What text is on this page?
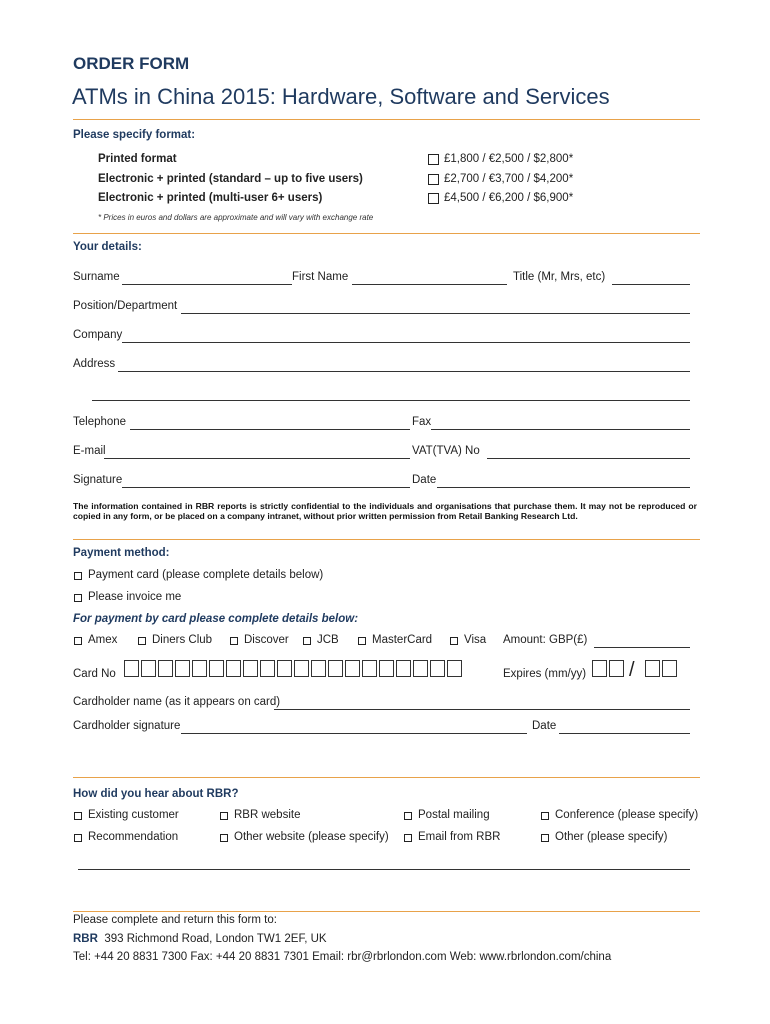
ORDER FORM
ATMs in China 2015: Hardware, Software and Services
Please specify format:
Printed format	£1,800 / €2,500 / $2,800*
Electronic + printed (standard – up to five users)	£2,700 / €3,700 / $4,200*
Electronic + printed (multi-user 6+ users)	£4,500 / €6,200 / $6,900*
* Prices in euros and dollars are approximate and will vary with exchange rate
Your details:
Surname	First Name	Title (Mr, Mrs, etc)
Position/Department
Company
Address
Telephone	Fax
E-mail	VAT(TVA) No
Signature	Date
The information contained in RBR reports is strictly confidential to the individuals and organisations that purchase them. It may not be reproduced or copied in any form, or be placed on a company intranet, without prior written permission from Retail Banking Research Ltd.
Payment method:
Payment card (please complete details below)
Please invoice me
For payment by card please complete details below:
Amex	Diners Club	Discover JCB	MasterCard	Visa Amount: GBP(£)
Card No	Expires (mm/yy) /
Cardholder name (as it appears on card)
Cardholder signature	Date
How did you hear about RBR?
Existing customer	RBR website	Postal mailing	Conference (please specify)
Recommendation	Other website (please specify)	Email from RBR	Other (please specify)
Please complete and return this form to:
RBR 393 Richmond Road, London TW1 2EF, UK
Tel: +44 20 8831 7300 Fax: +44 20 8831 7301 Email: rbr@rbrlondon.com Web: www.rbrlondon.com/china
